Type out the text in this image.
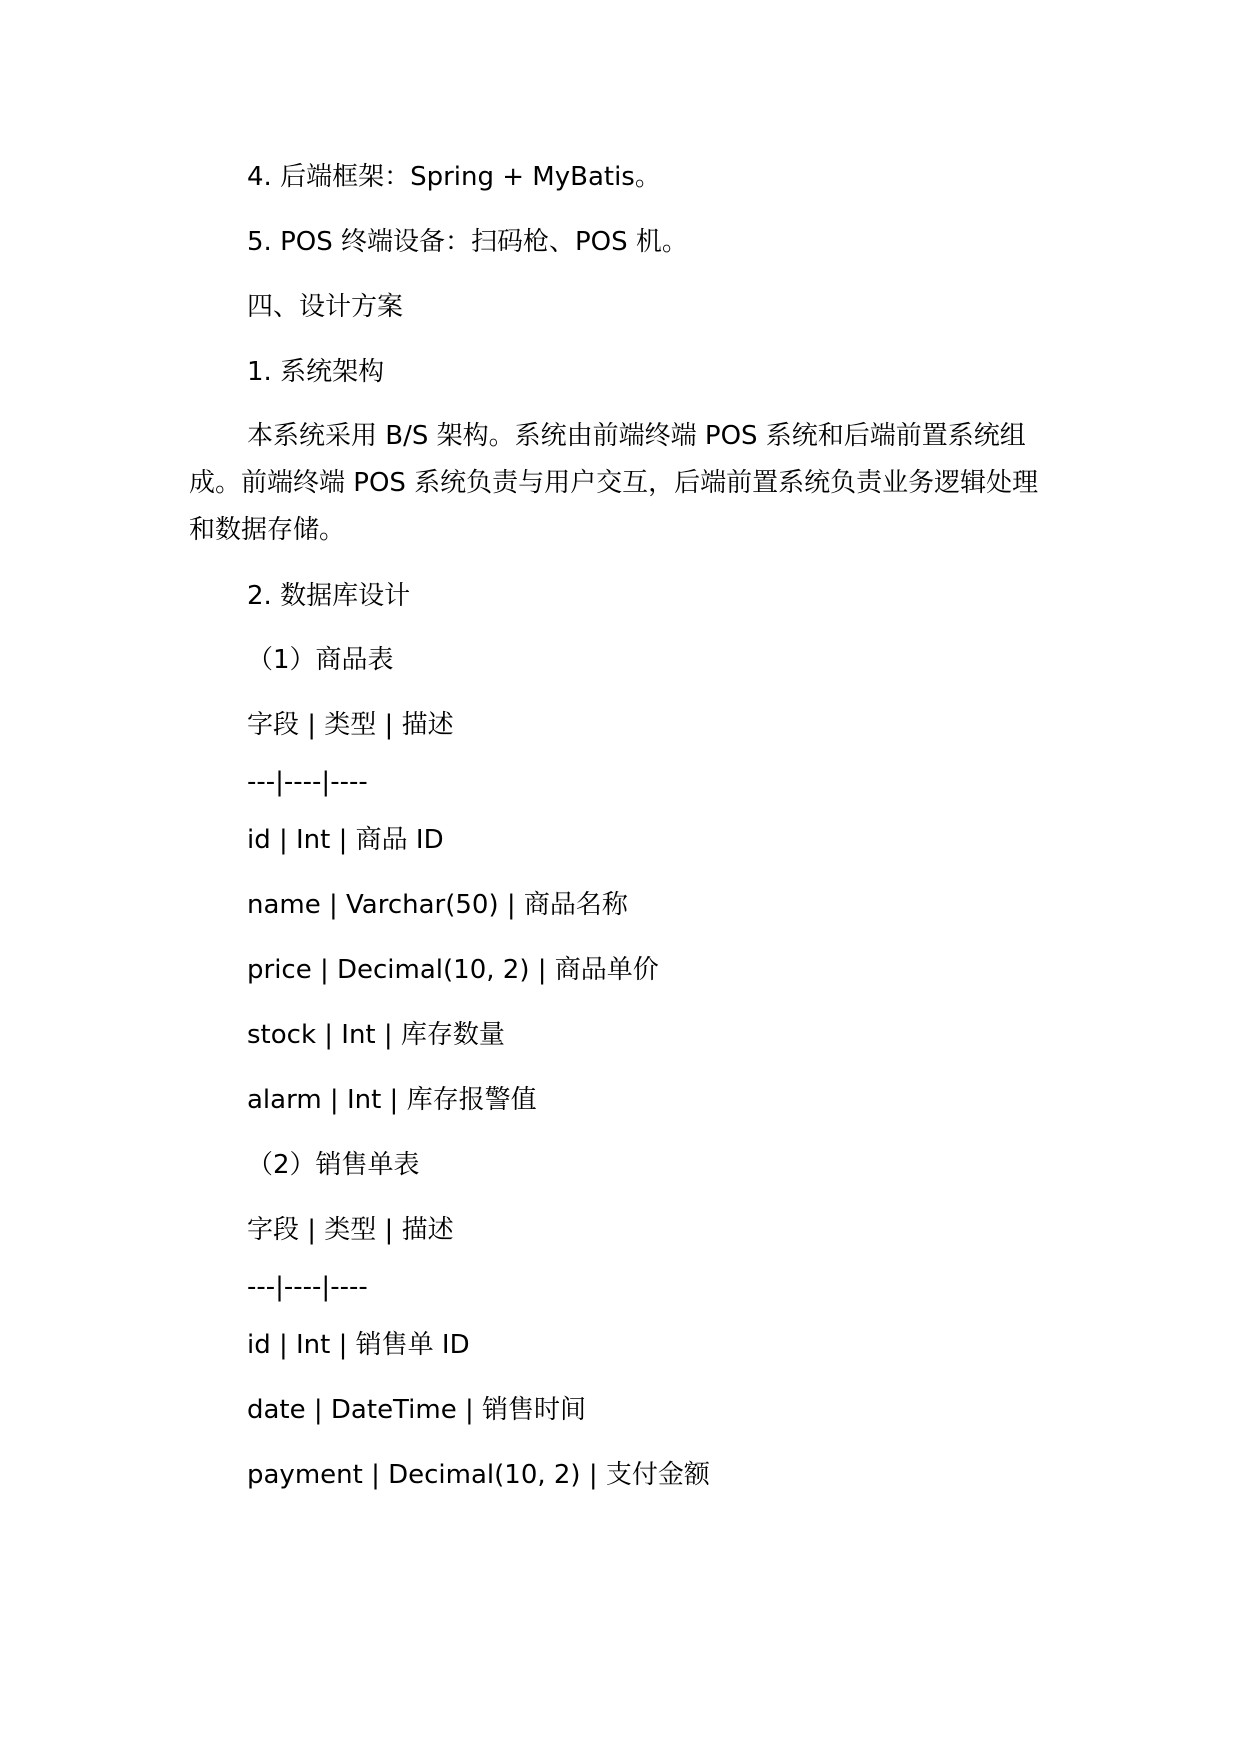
4. 后端框架：Spring + MyBatis。

5. POS 终端设备：扫码枪、POS 机。

四、设计方案

1. 系统架构

本系统采用 B/S 架构。系统由前端终端 POS 系统和后端前置系统组成。前端终端 POS 系统负责与用户交互，后端前置系统负责业务逻辑处理和数据存储。

2. 数据库设计

（1）商品表

字段 | 类型 | 描述

---|----|----

id | Int | 商品 ID

name | Varchar(50) | 商品名称

price | Decimal(10, 2) | 商品单价

stock | Int | 库存数量

alarm | Int | 库存报警值

（2）销售单表

字段 | 类型 | 描述

---|----|----

id | Int | 销售单 ID

date | DateTime | 销售时间

payment | Decimal(10, 2) | 支付金额
